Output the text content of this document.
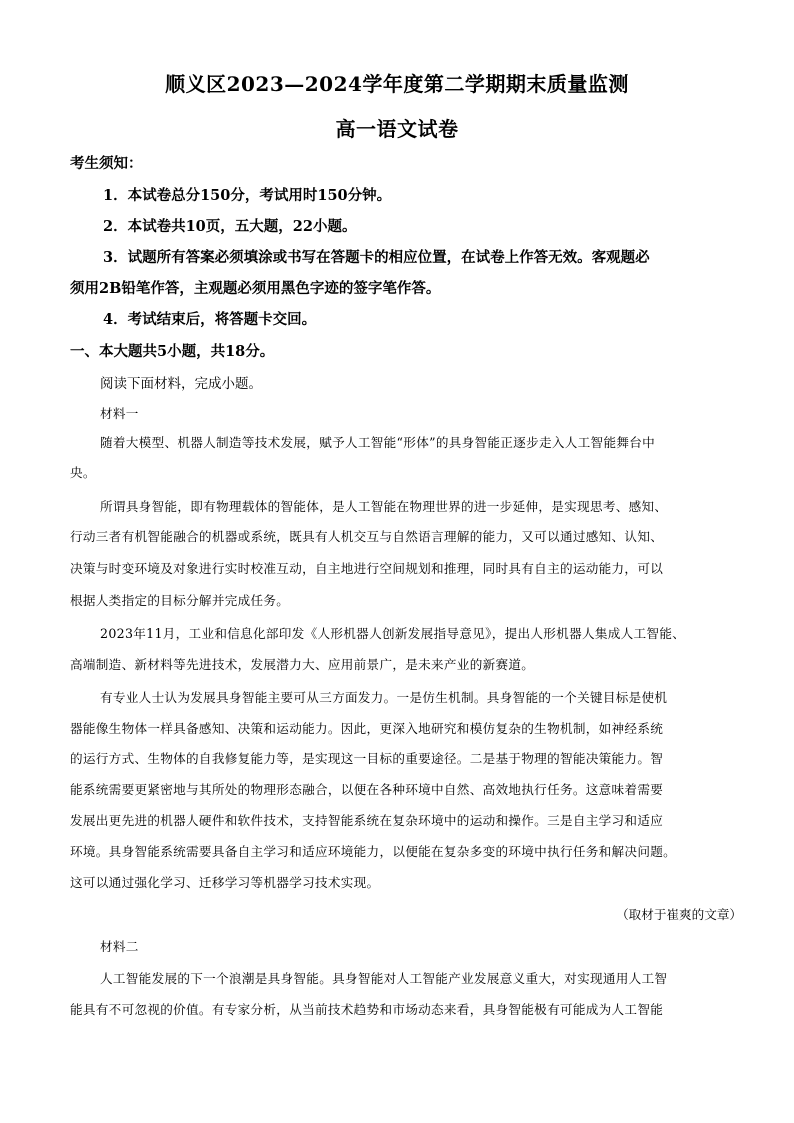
顺义区2023—2024学年度第二学期期末质量监测
高一语文试卷
考生须知：
1．本试卷总分150分，考试用时150分钟。
2．本试卷共10页，五大题，22小题。
3．试题所有答案必须填涂或书写在答题卡的相应位置，在试卷上作答无效。客观题必
须用2B铅笔作答，主观题必须用黑色字迹的签字笔作答。
4．考试结束后，将答题卡交回。
一、本大题共5小题，共18分。
阅读下面材料，完成小题。
材料一
随着大模型、机器人制造等技术发展，赋予人工智能“形体”的具身智能正逐步走入人工智能舞台中
央。
所谓具身智能，即有物理载体的智能体，是人工智能在物理世界的进一步延伸，是实现思考、感知、
行动三者有机智能融合的机器或系统，既具有人机交互与自然语言理解的能力，又可以通过感知、认知、
决策与时变环境及对象进行实时校准互动，自主地进行空间规划和推理，同时具有自主的运动能力，可以
根据人类指定的目标分解并完成任务。
2023年11月，工业和信息化部印发《人形机器人创新发展指导意见》，提出人形机器人集成人工智能、
高端制造、新材料等先进技术，发展潜力大、应用前景广，是未来产业的新赛道。
有专业人士认为发展具身智能主要可从三方面发力。一是仿生机制。具身智能的一个关键目标是使机
器能像生物体一样具备感知、决策和运动能力。因此，更深入地研究和模仿复杂的生物机制，如神经系统
的运行方式、生物体的自我修复能力等，是实现这一目标的重要途径。二是基于物理的智能决策能力。智
能系统需要更紧密地与其所处的物理形态融合，以便在各种环境中自然、高效地执行任务。这意味着需要
发展出更先进的机器人硬件和软件技术，支持智能系统在复杂环境中的运动和操作。三是自主学习和适应
环境。具身智能系统需要具备自主学习和适应环境能力，以便能在复杂多变的环境中执行任务和解决问题。
这可以通过强化学习、迁移学习等机器学习技术实现。
（取材于崔爽的文章）
材料二
人工智能发展的下一个浪潮是具身智能。具身智能对人工智能产业发展意义重大，对实现通用人工智
能具有不可忽视的价值。有专家分析，从当前技术趋势和市场动态来看，具身智能极有可能成为人工智能
